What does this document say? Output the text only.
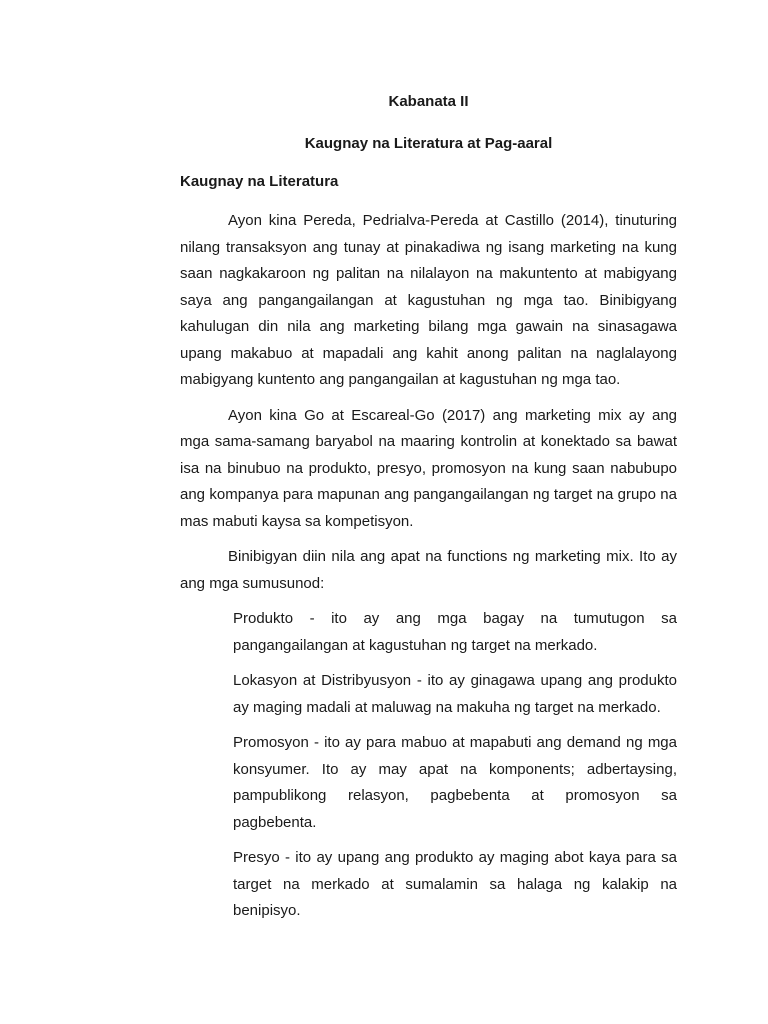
Kabanata II
Kaugnay na Literatura at Pag-aaral
Kaugnay na Literatura

Ayon kina Pereda, Pedrialva-Pereda at Castillo (2014), tinuturing nilang transaksyon ang tunay at pinakadiwa ng isang marketing na kung saan nagkakaroon ng palitan na nilalayon na makuntento at mabigyang saya ang pangangailangan at kagustuhan ng mga tao. Binibigyang kahulugan din nila ang marketing bilang mga gawain na sinasagawa upang makabuo at mapadali ang kahit anong palitan na naglalayong mabigyang kuntento ang pangangailan at kagustuhan ng mga tao.

Ayon kina Go at Escareal-Go (2017) ang marketing mix ay ang mga sama-samang baryabol na maaring kontrolin at konektado sa bawat isa na binubuo na produkto, presyo, promosyon na kung saan nabubupo ang kompanya para mapunan ang pangangailangan ng target na grupo na mas mabuti kaysa sa kompetisyon.

Binibigyan diin nila ang apat na functions ng marketing mix. Ito ay ang mga sumusunod:

Produkto - ito ay ang mga bagay na tumutugon sa pangangailangan at kagustuhan ng target na merkado.
Lokasyon at Distribyusyon - ito ay ginagawa upang ang produkto ay maging madali at maluwag na makuha ng target na merkado.
Promosyon - ito ay para mabuo at mapabuti ang demand ng mga konsyumer. Ito ay may apat na komponents; adbertaysing, pampublikong relasyon, pagbebenta at promosyon sa pagbebenta.
Presyo - ito ay upang ang produkto ay maging abot kaya para sa target na merkado at sumalamin sa halaga ng kalakip na benipisyo.
